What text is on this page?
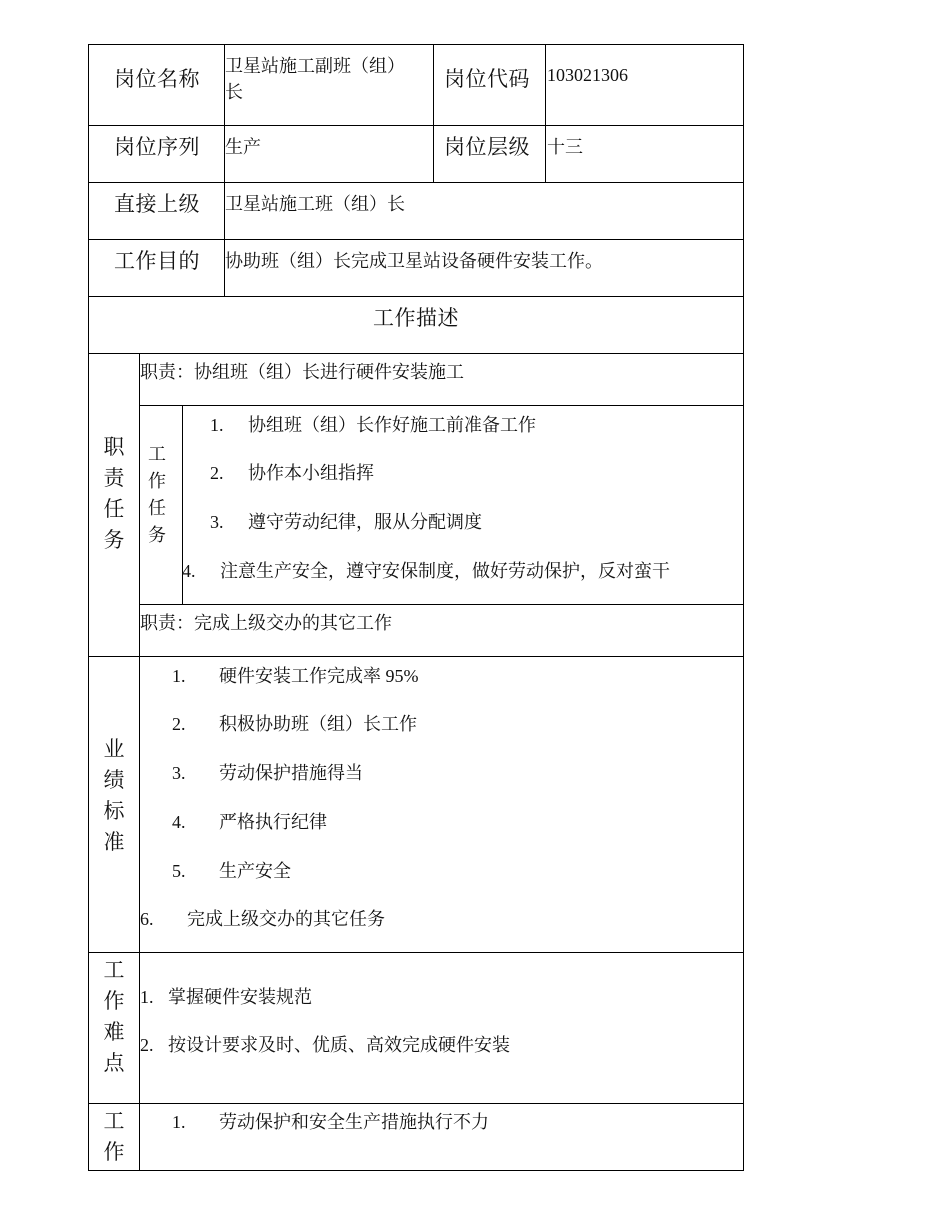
岗位名称
卫星站施工副班（组）
长
岗位代码 103021306
岗位序列 生产	岗位层级 十三
直接上级 卫星站施工班（组）长
工作目的 协助班（组）长完成卫星站设备硬件安装工作。
工作描述
职
责
任
务
职责：协组班（组）长进行硬件安装施工
工
作
任
务
1. 协组班（组）长作好施工前准备工作
2. 协作本小组指挥
3. 遵守劳动纪律，服从分配调度
4. 注意生产安全，遵守安保制度，做好劳动保护，反对蛮干
职责：完成上级交办的其它工作
业
绩
标
准
1. 硬件安装工作完成率 95%
2. 积极协助班（组）长工作
3. 劳动保护措施得当
4. 严格执行纪律
5. 生产安全
6. 完成上级交办的其它任务
工
作
难
点
1. 掌握硬件安装规范
2. 按设计要求及时、优质、高效完成硬件安装
工
作
1. 劳动保护和安全生产措施执行不力
